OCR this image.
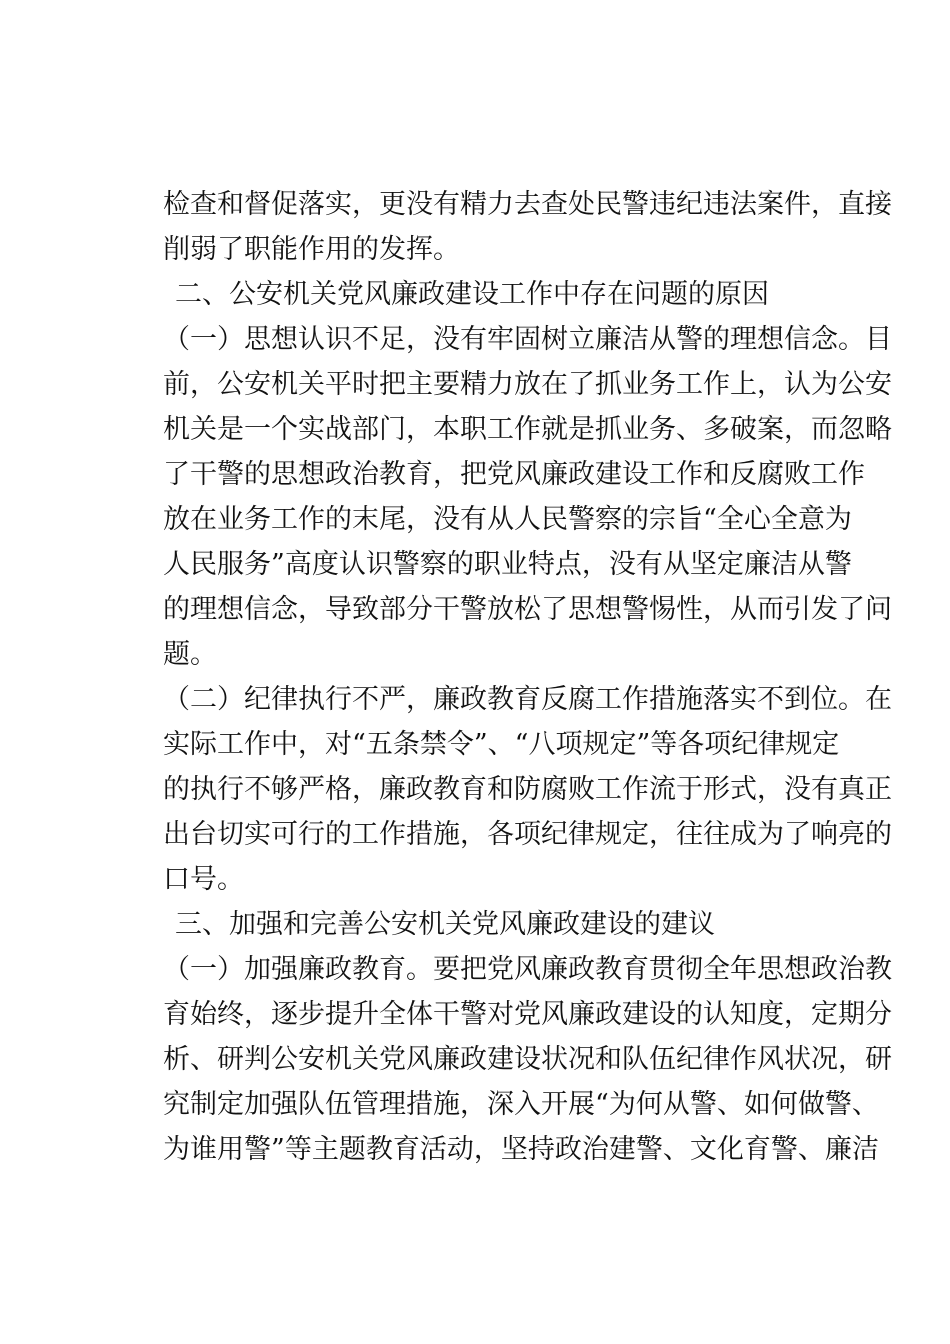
检 查 和 督 促 落 实 ， 更 没 有 精 力 去 查 处 民 警 违 纪 违 法 案 件 ， 直 接
削弱了职能作用的发挥。
二、公安机关党风廉政建设工作中存在问题的原因
（ 一 ） 思 想 认 识 不 足 ， 没 有 牢 固 树 立 廉 洁 从 警 的 理 想 信 念 。 目
前 ， 公 安 机 关 平 时 把 主 要 精 力 放 在 了 抓 业 务 工 作 上 ， 认 为 公 安
机 关 是 一 个 实 战 部 门 ， 本 职 工 作 就 是 抓 业 务 、 多 破 案 ， 而 忽 略
了 干 警 的 思 想 政 治 教 育 ， 把 党 风 廉 政 建 设 工 作 和 反 腐 败 工 作
放 在 业 务 工 作 的 末 尾 ， 没 有 从 人 民 警 察 的 宗 旨 “ 全 心 全 意 为
人 民 服 务 ” 高 度 认 识 警 察 的 职 业 特 点 ， 没 有 从 坚 定 廉 洁 从 警
的 理 想 信 念 ， 导 致 部 分 干 警 放 松 了 思 想 警 惕 性 ， 从 而 引 发 了 问
题。
（ 二 ） 纪 律 执 行 不 严 ， 廉 政 教 育 反 腐 工 作 措 施 落 实 不 到 位 。 在
实 际 工 作 中 ， 对 “ 五 条 禁 令 ” 、 “ 八 项 规 定 ” 等 各 项 纪 律 规 定
的 执 行 不 够 严 格 ， 廉 政 教 育 和 防 腐 败 工 作 流 于 形 式 ， 没 有 真 正
出 台 切 实 可 行 的 工 作 措 施 ， 各 项 纪 律 规 定 ， 往 往 成 为 了 响 亮 的
口号。
三、加强和完善公安机关党风廉政建设的建议
（ 一 ） 加 强 廉 政 教 育 。 要 把 党 风 廉 政 教 育 贯 彻 全 年 思 想 政 治 教
育 始 终 ， 逐 步 提 升 全 体 干 警 对 党 风 廉 政 建 设 的 认 知 度 ， 定 期 分
析 、 研 判 公 安 机 关 党 风 廉 政 建 设 状 况 和 队 伍 纪 律 作 风 状 况 ， 研
究 制 定 加 强 队 伍 管 理 措 施 ， 深 入 开 展 “ 为 何 从 警 、 如 何 做 警 、
为 谁 用 警 ” 等 主 题 教 育 活 动 ， 坚 持 政 治 建 警 、 文 化 育 警 、 廉 洁
